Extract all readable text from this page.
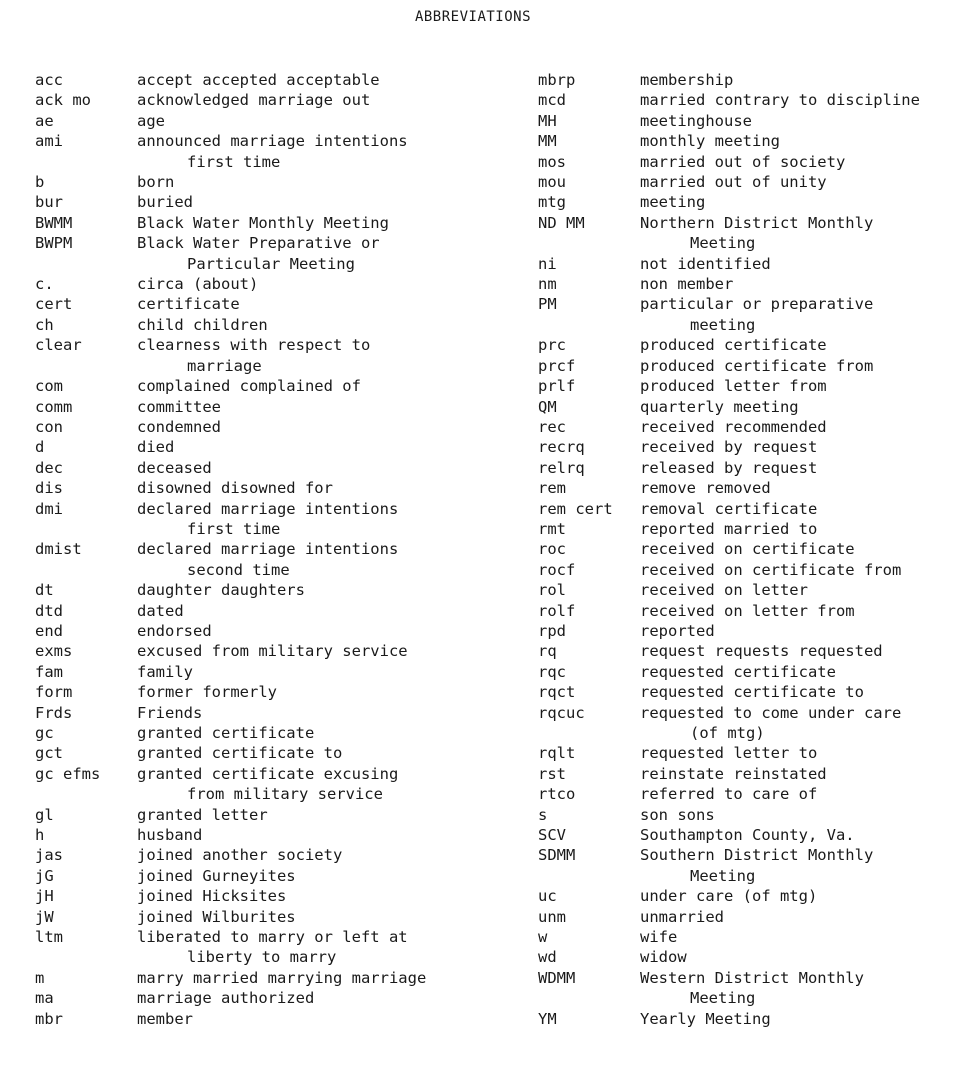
ABBREVIATIONS
acc	accept accepted acceptable
ack mo	acknowledged marriage out
ae	age
ami	announced marriage intentions
first time
b	born
bur	buried
BWMM	Black Water Monthly Meeting
BWPM	Black Water Preparative or
Particular Meeting
c.	circa (about)
cert	certificate
ch	child children
clear	clearness with respect to
marriage
com	complained complained of
comm	committee
con	condemned
d	died
dec	deceased
dis	disowned disowned for
dmi	declared marriage intentions
first time
dmist	declared marriage intentions
second time
dt	daughter daughters
dtd	dated
end	endorsed
exms	excused from military service
fam	family
form	former formerly
Frds	Friends
gc	granted certificate
gct	granted certificate to
gc efms	granted certificate excusing
from military service
gl	granted letter
h	husband
jas	joined another society
jG	joined Gurneyites
jH	joined Hicksites
jW	joined Wilburites
ltm	liberated to marry or left at
liberty to marry
m	marry married marrying marriage
ma	marriage authorized
mbr	member
mbrp	membership
mcd	married contrary to discipline
MH	meetinghouse
MM	monthly meeting
mos	married out of society
mou	married out of unity
mtg	meeting
ND MM	Northern District Monthly
Meeting
ni	not identified
nm	non member
PM	particular or preparative
meeting
prc	produced certificate
prcf	produced certificate from
prlf	produced letter from
QM	quarterly meeting
rec	received recommended
recrq	received by request
relrq	released by request
rem	remove removed
rem cert	removal certificate
rmt	reported married to
roc	received on certificate
rocf	received on certificate from
rol	received on letter
rolf	received on letter from
rpd	reported
rq	request requests requested
rqc	requested certificate
rqct	requested certificate to
rqcuc	requested to come under care
(of mtg)
rqlt	requested letter to
rst	reinstate reinstated
rtco	referred to care of
s	son sons
SCV	Southampton County, Va.
SDMM	Southern District Monthly
Meeting
uc	under care (of mtg)
unm	unmarried
w	wife
wd	widow
WDMM	Western District Monthly
Meeting
YM	Yearly Meeting
